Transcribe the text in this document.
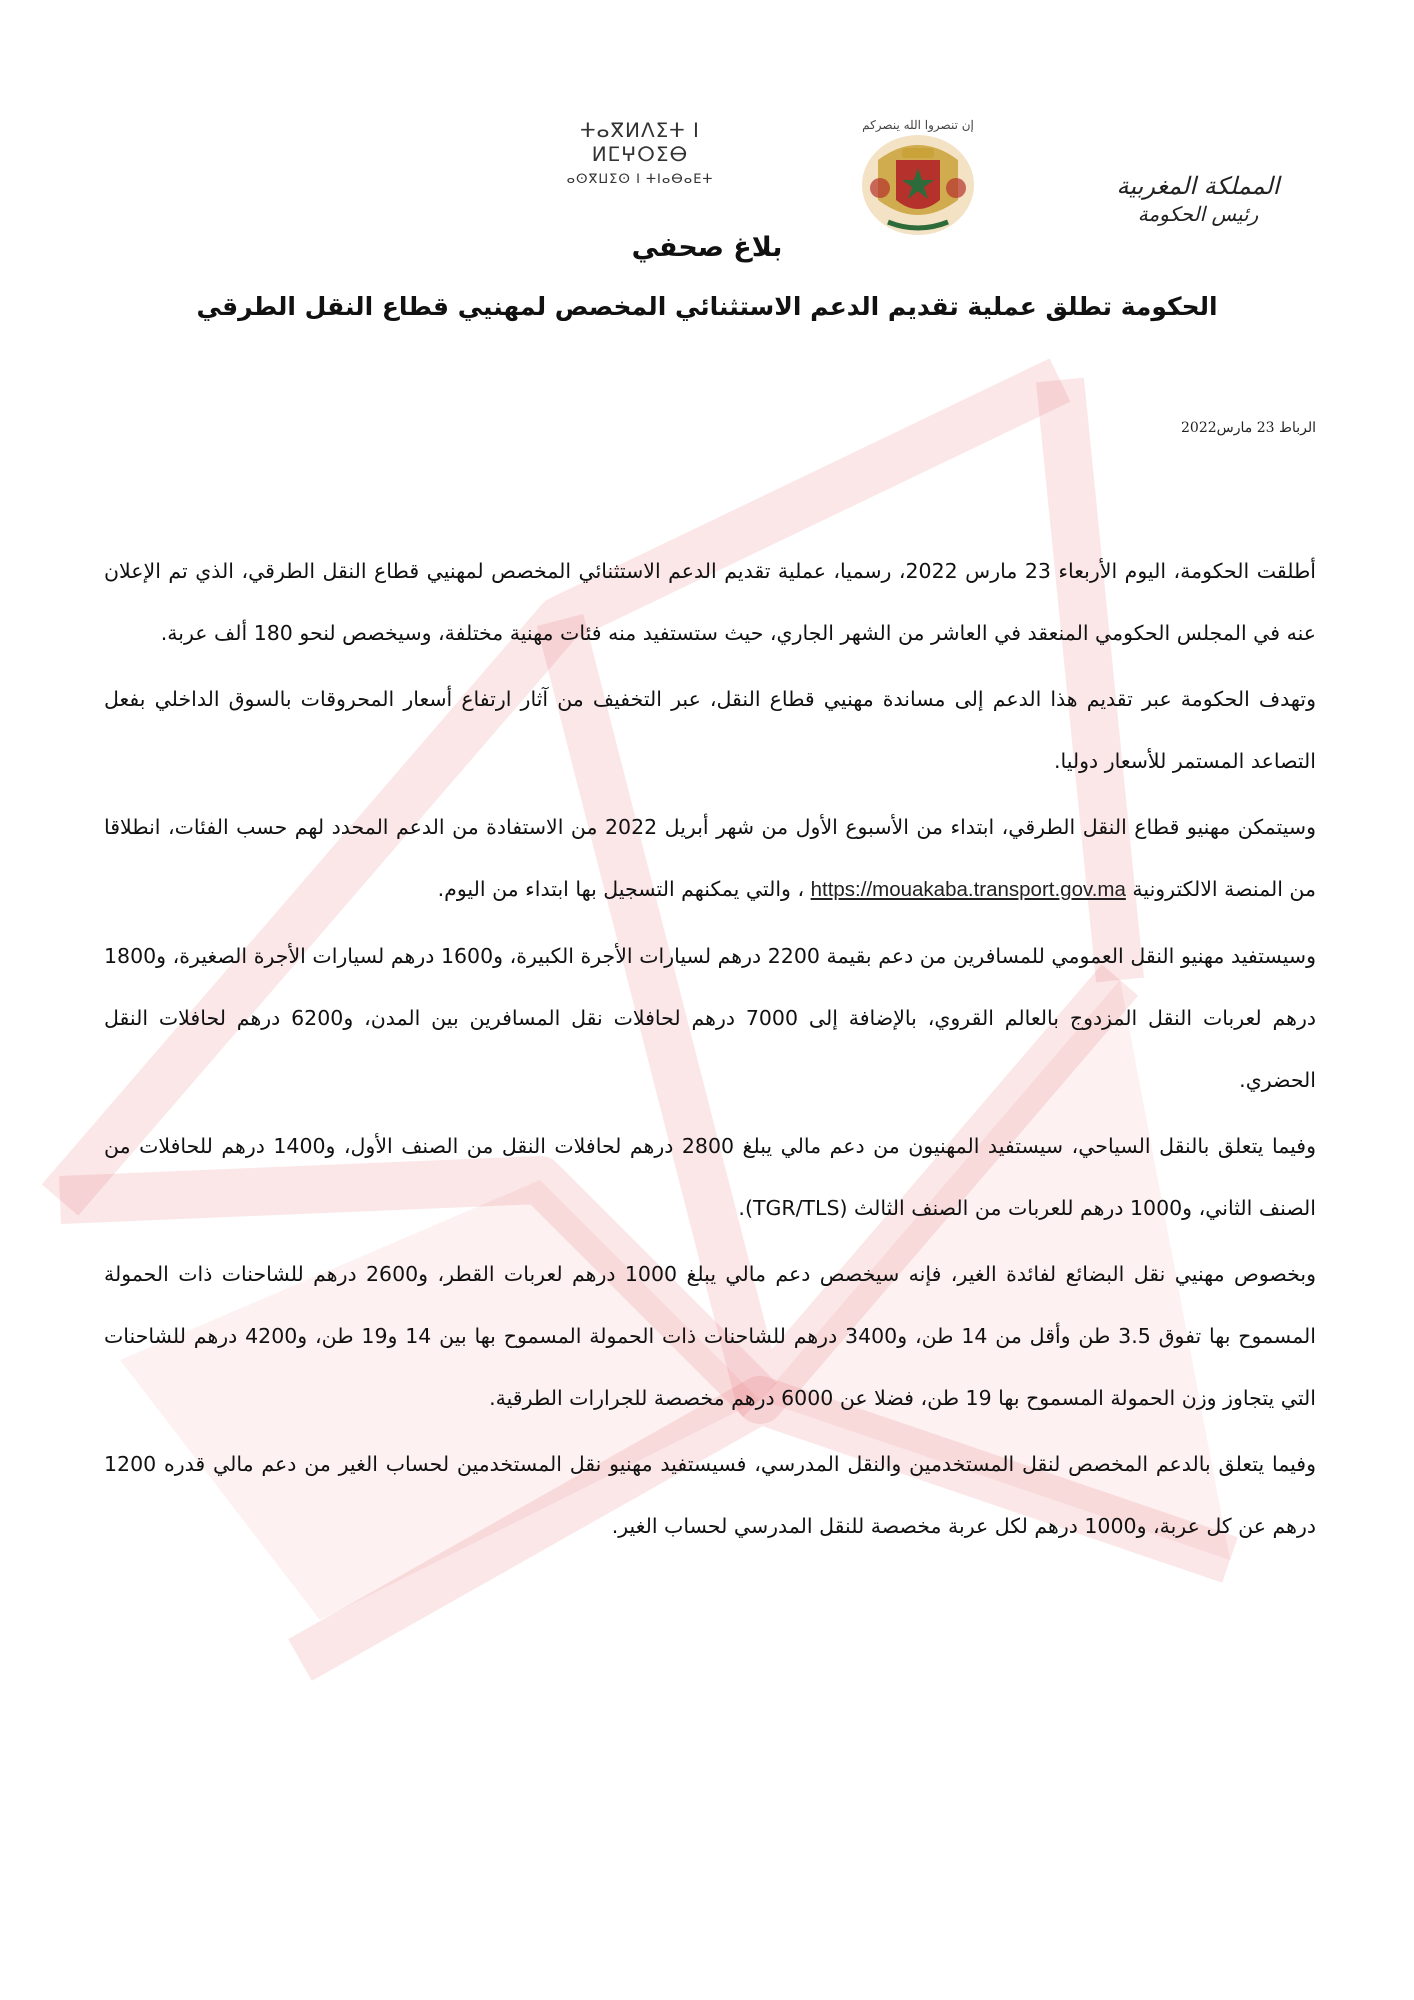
ⵜⴰⴳⵍⴷⵉⵜ ⵏ ⵍⵎⵖⵔⵉⴱ
ⴰⵙⴳⵡⵉⵙ ⵏ ⵜⵏⴰⴱⴰⴹⵜ
إن تنصروا الله ينصركم
المملكة المغربية
رئيس الحكومة
بلاغ صحفي
الحكومة تطلق عملية تقديم الدعم الاستثنائي المخصص لمهنيي قطاع النقل الطرقي
الرباط 23 مارس2022

أطلقت الحكومة، اليوم الأربعاء 23 مارس 2022، رسميا، عملية تقديم الدعم الاستثنائي المخصص لمهنيي قطاع النقل الطرقي، الذي تم الإعلان عنه في المجلس الحكومي المنعقد في العاشر من الشهر الجاري، حيث ستستفيد منه فئات مهنية مختلفة، وسيخصص لنحو 180 ألف عربة.

وتهدف الحكومة عبر تقديم هذا الدعم إلى مساندة مهنيي قطاع النقل، عبر التخفيف من آثار ارتفاع أسعار المحروقات بالسوق الداخلي بفعل التصاعد المستمر للأسعار دوليا.

وسيتمكن مهنيو قطاع النقل الطرقي، ابتداء من الأسبوع الأول من شهر أبريل 2022 من الاستفادة من الدعم المحدد لهم حسب الفئات، انطلاقا من المنصة الالكترونية https://mouakaba.transport.gov.ma ، والتي يمكنهم التسجيل بها ابتداء من اليوم.

وسيستفيد مهنيو النقل العمومي للمسافرين من دعم بقيمة 2200 درهم لسيارات الأجرة الكبيرة، و1600 درهم لسيارات الأجرة الصغيرة، و1800 درهم لعربات النقل المزدوج بالعالم القروي، بالإضافة إلى 7000 درهم لحافلات نقل المسافرين بين المدن، و6200 درهم لحافلات النقل الحضري.

وفيما يتعلق بالنقل السياحي، سيستفيد المهنيون من دعم مالي يبلغ 2800 درهم لحافلات النقل من الصنف الأول، و1400 درهم للحافلات من الصنف الثاني، و1000 درهم للعربات من الصنف الثالث (TGR/TLS).

وبخصوص مهنيي نقل البضائع لفائدة الغير، فإنه سيخصص دعم مالي يبلغ 1000 درهم لعربات القطر، و2600 درهم للشاحنات ذات الحمولة المسموح بها تفوق 3.5 طن وأقل من 14 طن، و3400 درهم للشاحنات ذات الحمولة المسموح بها بين 14 و19 طن، و4200 درهم للشاحنات التي يتجاوز وزن الحمولة المسموح بها 19 طن، فضلا عن 6000 درهم مخصصة للجرارات الطرقية.

وفيما يتعلق بالدعم المخصص لنقل المستخدمين والنقل المدرسي، فسيستفيد مهنيو نقل المستخدمين لحساب الغير من دعم مالي قدره 1200 درهم عن كل عربة، و1000 درهم لكل عربة مخصصة للنقل المدرسي لحساب الغير.
